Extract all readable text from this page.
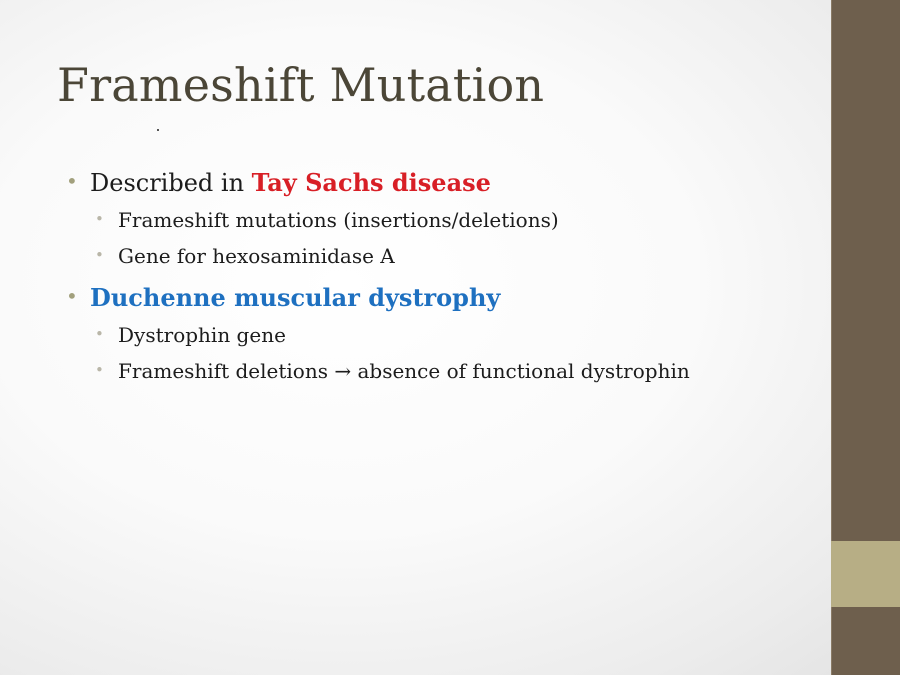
Frameshift Mutation
• Described in Tay Sachs disease
• Frameshift mutations (insertions/deletions)
• Gene for hexosaminidase A
• Duchenne muscular dystrophy
• Dystrophin gene
• Frameshift deletions → absence of functional dystrophin
